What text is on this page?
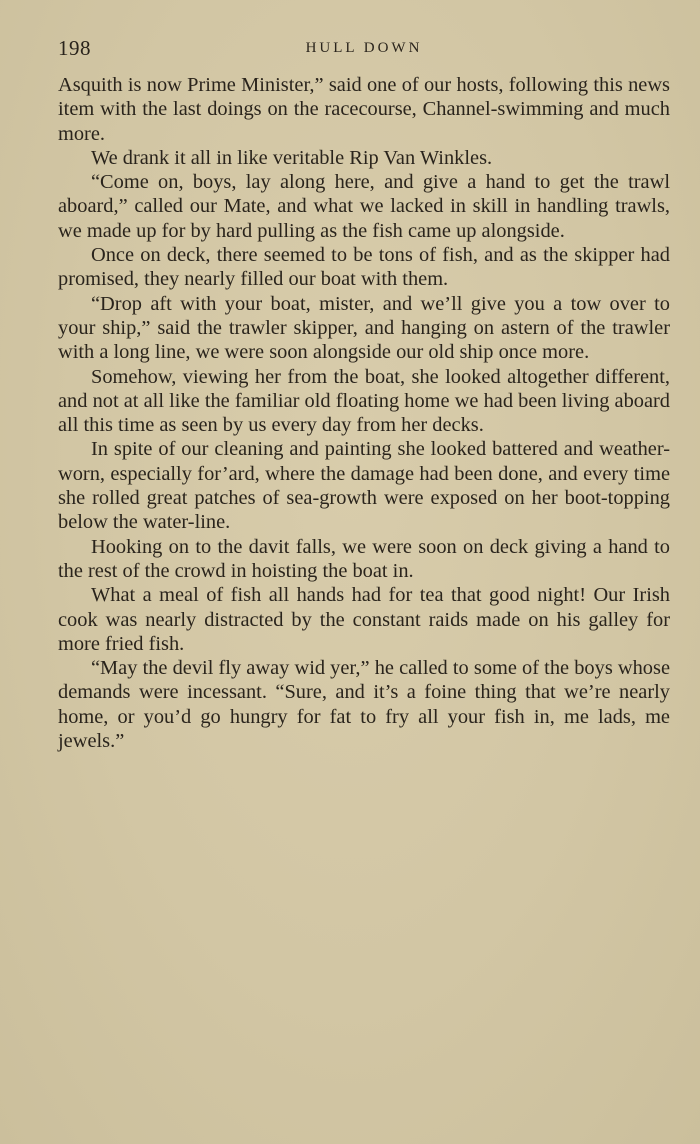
198	HULL DOWN

Asquith is now Prime Minister,” said one of our hosts, following this news item with the last doings on the racecourse, Channel-swimming and much more.

We drank it all in like veritable Rip Van Winkles.

“Come on, boys, lay along here, and give a hand to get the trawl aboard,” called our Mate, and what we lacked in skill in handling trawls, we made up for by hard pulling as the fish came up alongside.

Once on deck, there seemed to be tons of fish, and as the skipper had promised, they nearly filled our boat with them.

“Drop aft with your boat, mister, and we’ll give you a tow over to your ship,” said the trawler skipper, and hanging on astern of the trawler with a long line, we were soon alongside our old ship once more.

Somehow, viewing her from the boat, she looked altogether different, and not at all like the familiar old floating home we had been living aboard all this time as seen by us every day from her decks.

In spite of our cleaning and painting she looked battered and weather-worn, especially for’ard, where the damage had been done, and every time she rolled great patches of sea-growth were exposed on her boot-topping below the water-line.

Hooking on to the davit falls, we were soon on deck giving a hand to the rest of the crowd in hoisting the boat in.

What a meal of fish all hands had for tea that good night! Our Irish cook was nearly distracted by the constant raids made on his galley for more fried fish.

“May the devil fly away wid yer,” he called to some of the boys whose demands were incessant. “Sure, and it’s a foine thing that we’re nearly home, or you’d go hungry for fat to fry all your fish in, me lads, me jewels.”
